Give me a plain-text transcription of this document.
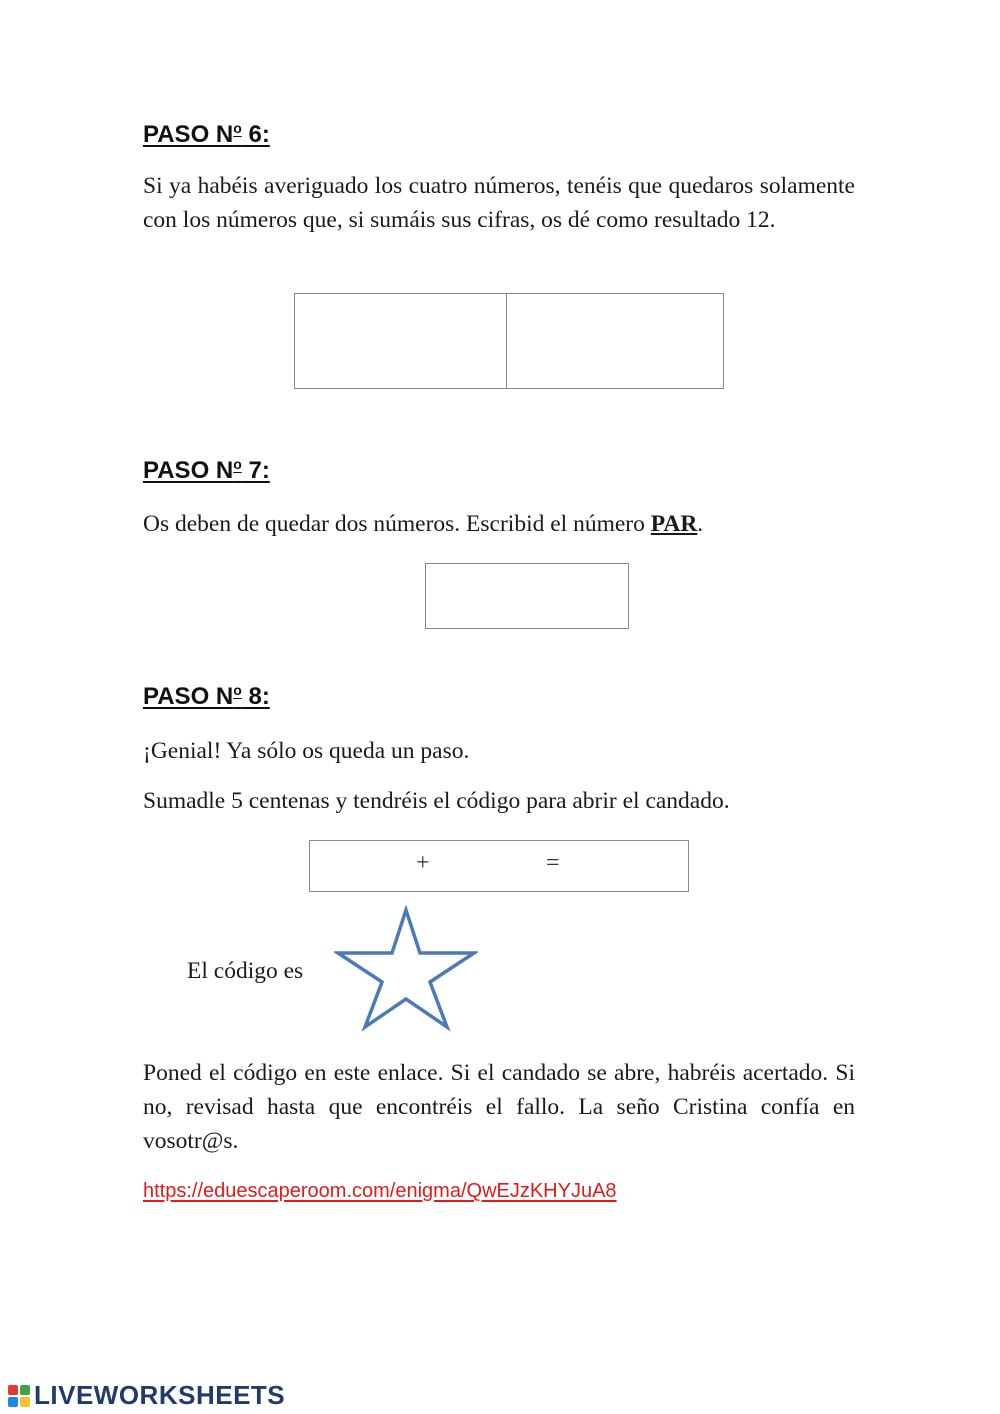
PASO $N^o$ 6:

Si ya habéis averiguado los cuatro números, tenéis que quedaros solamente con los números que, si sumáis sus cifras, os dé como resultado 12.

PASO $N^o$ 7:

Os deben de quedar dos números. Escribid el número PAR.

PASO $N^o$ 8:

¡Genial! Ya sólo os queda un paso.

Sumadle 5 centenas y tendréis el código para abrir el candado.

+	=

El código es

Poned el código en este enlace. Si el candado se abre, habréis acertado. Si no, revisad hasta que encontréis el fallo. La seño Cristina confía en vosotr@s.

https://eduescaperoom.com/enigma/QwEJzKHYJuA8
LIVEWORKSHEETS
